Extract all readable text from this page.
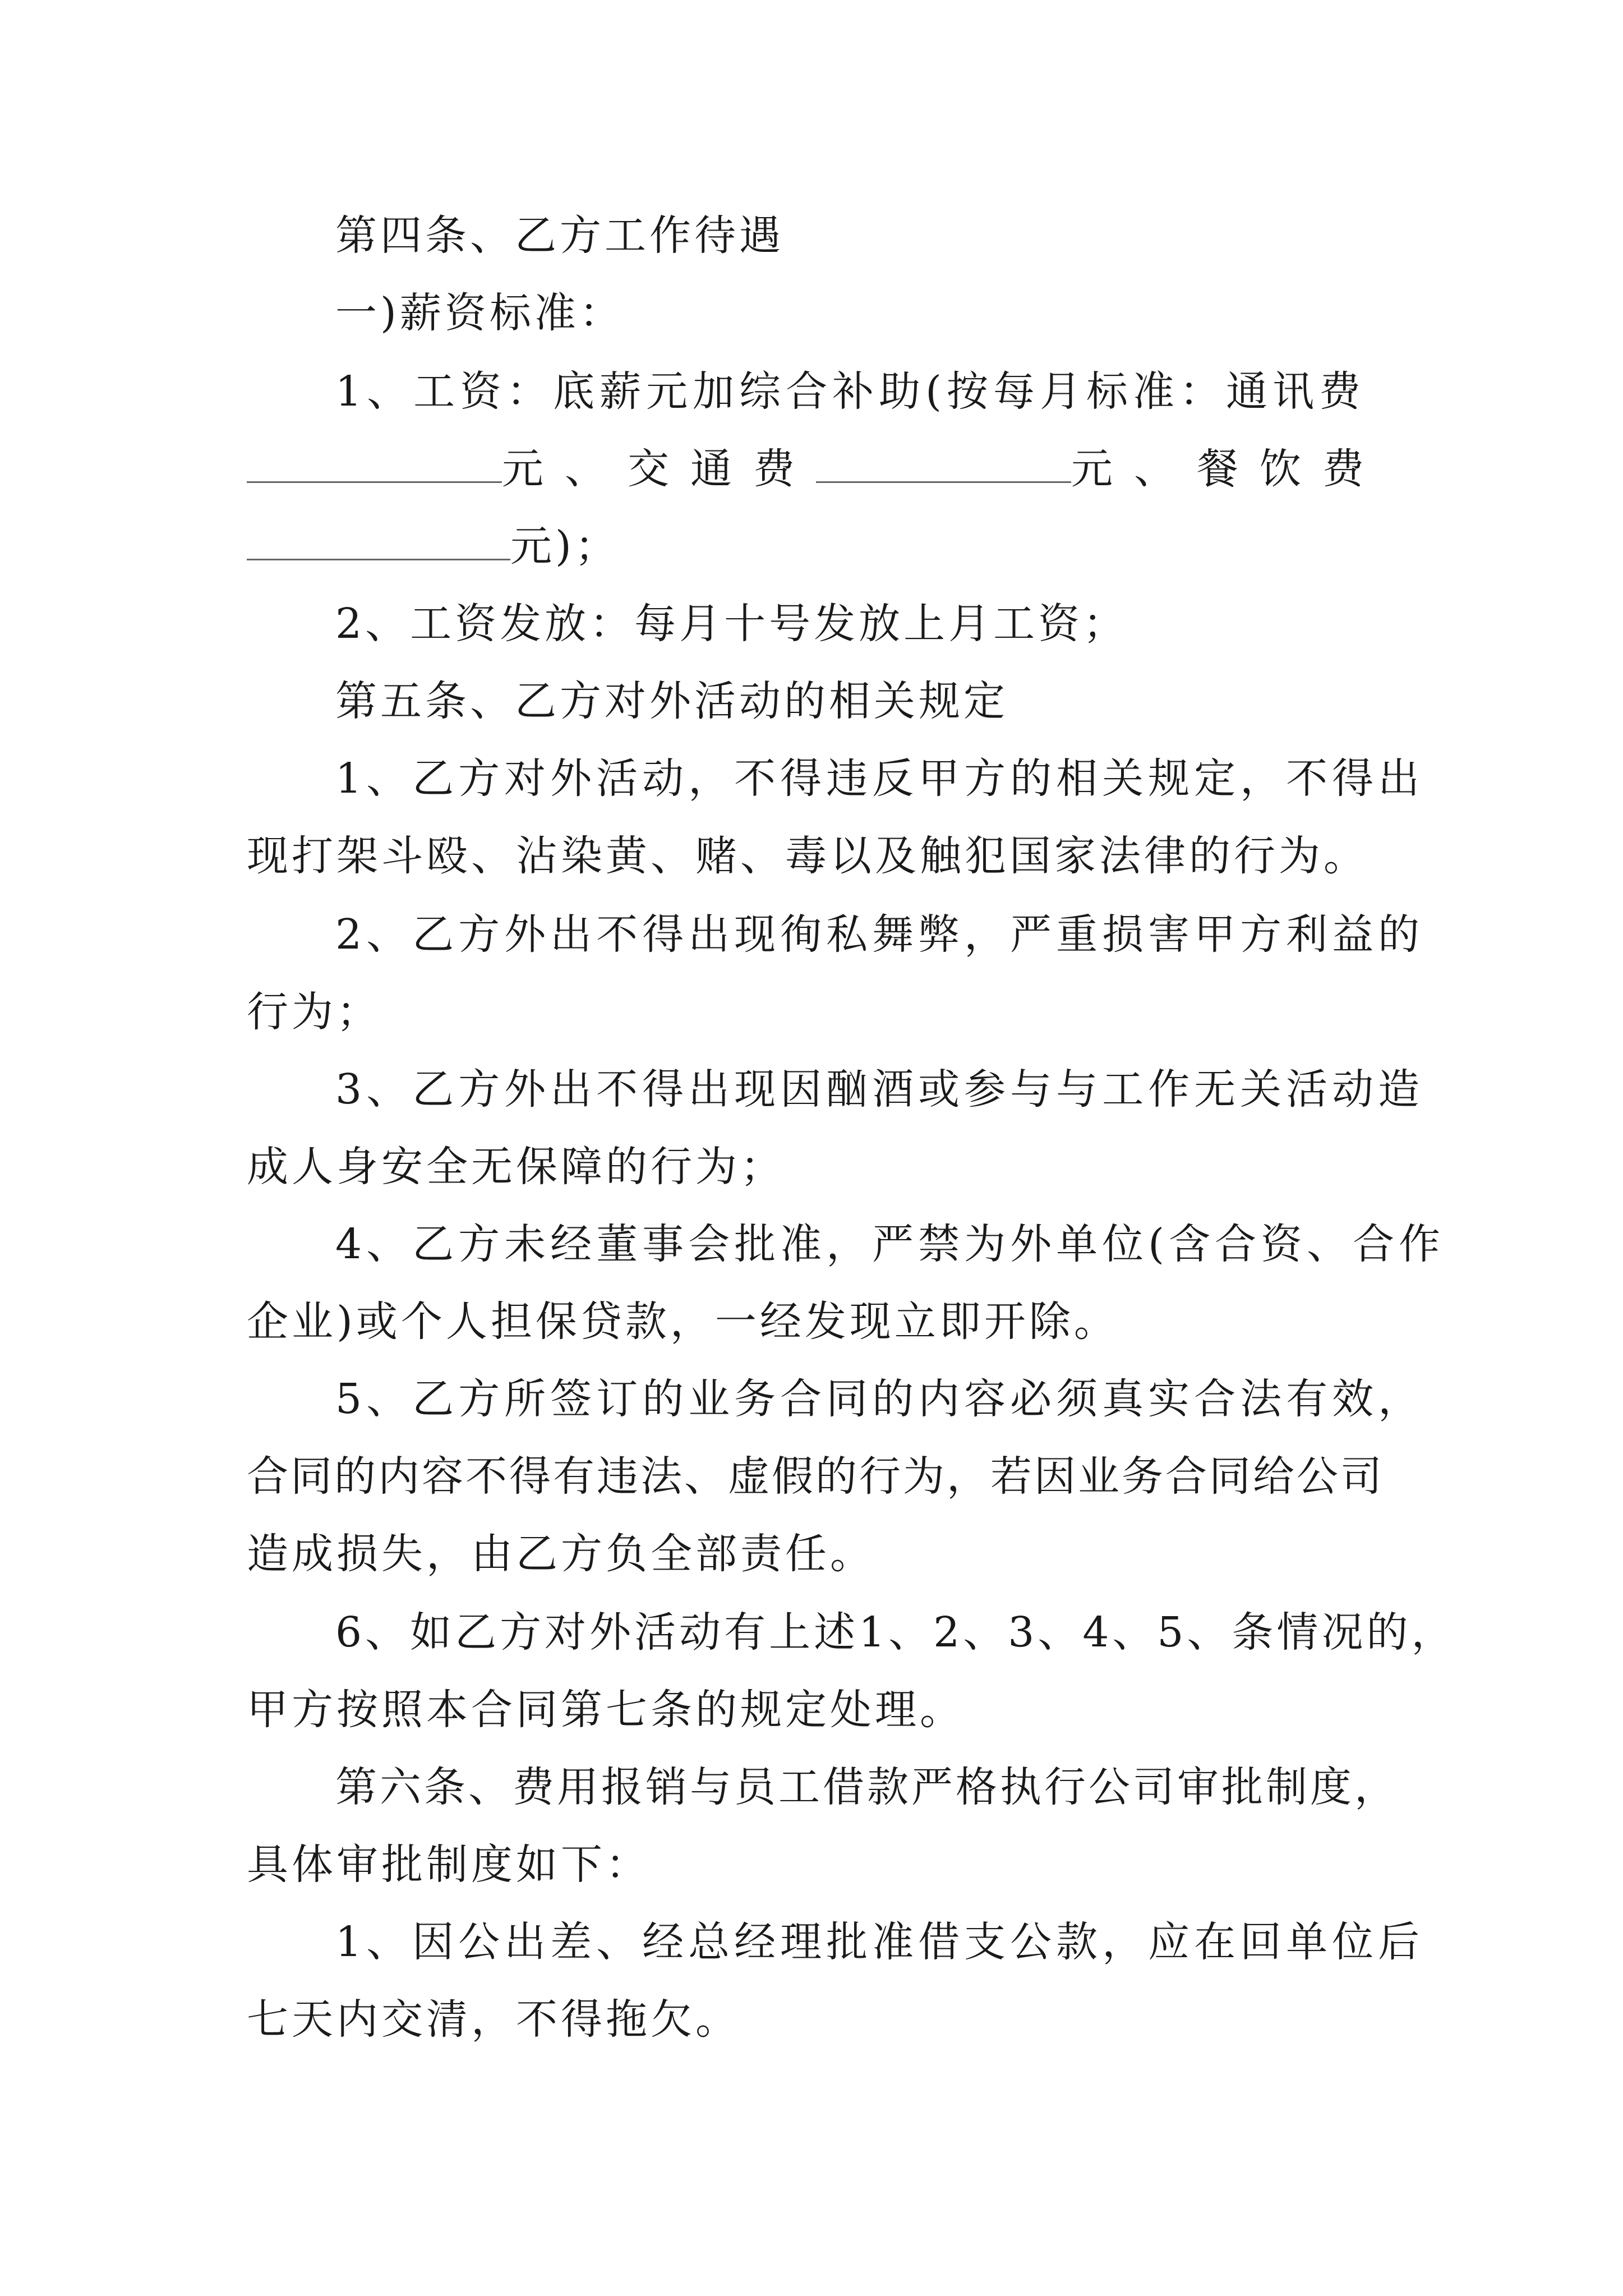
第四条、乙方工作待遇
一)薪资标准：
1、工资：底薪元加综合补助(按每月标准：通讯费
元、交通费	元、餐饮费
元)；
2、工资发放：每月十号发放上月工资；
第五条、乙方对外活动的相关规定
1、乙方对外活动，不得违反甲方的相关规定，不得出
现打架斗殴、沾染黄、赌、毒以及触犯国家法律的行为。
2、乙方外出不得出现徇私舞弊，严重损害甲方利益的
行为；
3、乙方外出不得出现因酗酒或参与与工作无关活动造
成人身安全无保障的行为；
4、乙方未经董事会批准，严禁为外单位(含合资、合作
企业)或个人担保贷款，一经发现立即开除。
5、乙方所签订的业务合同的内容必须真实合法有效，
合同的内容不得有违法、虚假的行为，若因业务合同给公司
造成损失，由乙方负全部责任。
6、如乙方对外活动有上述1、2、3、4、5、条情况的，
甲方按照本合同第七条的规定处理。
第六条、费用报销与员工借款严格执行公司审批制度，
具体审批制度如下：
1、因公出差、经总经理批准借支公款，应在回单位后
七天内交清，不得拖欠。
